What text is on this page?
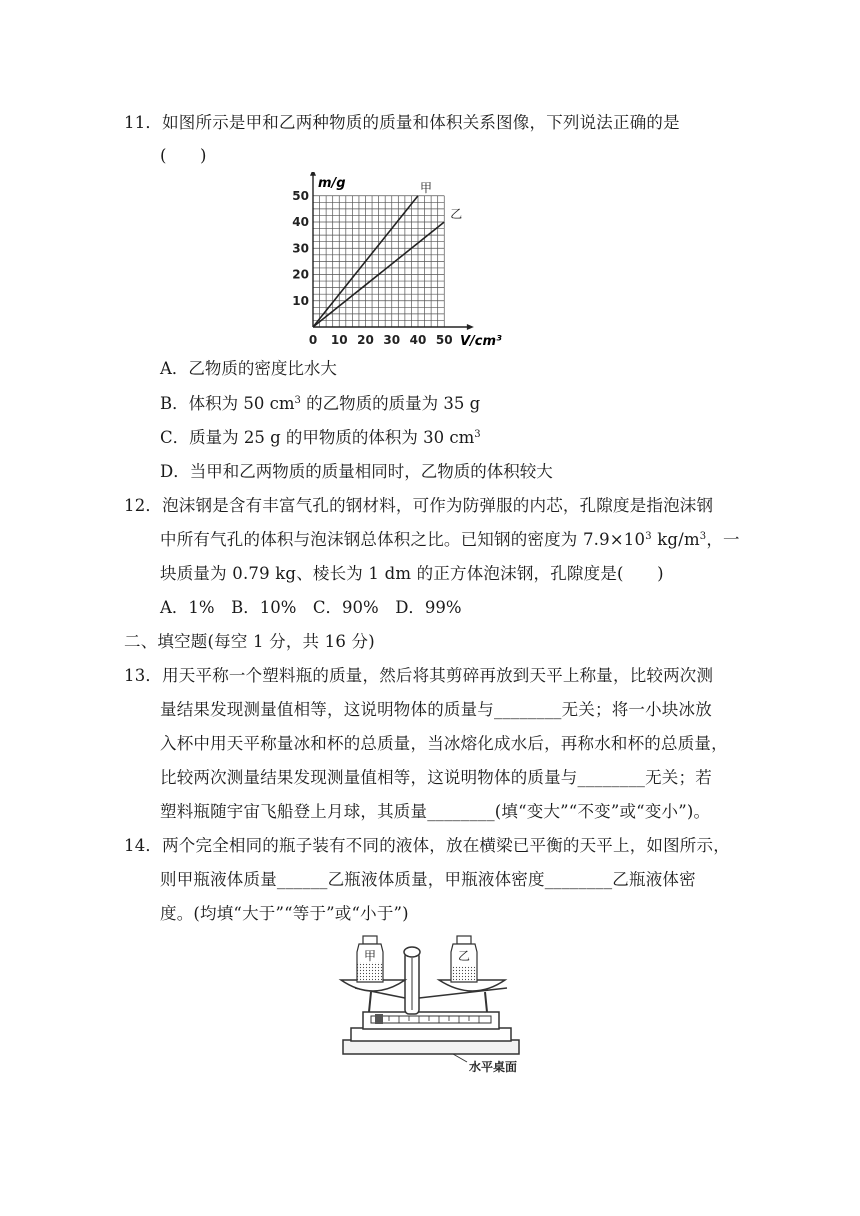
11．如图所示是甲和乙两种物质的质量和体积关系图像，下列说法正确的是
(　　)
0 10 20 30 40 50
10
20
30
40
50
甲
乙
m/g
V/cm³
A．乙物质的密度比水大
B．体积为 50 $cm^3$ 的乙物质的质量为 35 g
C．质量为 25 g 的甲物质的体积为 30 $cm^3$
D．当甲和乙两物质的质量相同时，乙物质的体积较大
12．泡沫钢是含有丰富气孔的钢材料，可作为防弹服的内芯，孔隙度是指泡沫钢
中所有气孔的体积与泡沫钢总体积之比。已知钢的密度为 $7.9\times 10^3$ $kg/m^3$，一
块质量为 0.79 kg、棱长为 1 dm 的正方体泡沫钢，孔隙度是(　　)
A．1%　B．10%　C．90%　D．99%
二、填空题(每空 1 分，共 16 分)
13．用天平称一个塑料瓶的质量，然后将其剪碎再放到天平上称量，比较两次测
量结果发现测量值相等，这说明物体的质量与________无关；将一小块冰放
入杯中用天平称量冰和杯的总质量，当冰熔化成水后，再称水和杯的总质量，
比较两次测量结果发现测量值相等，这说明物体的质量与________无关；若
塑料瓶随宇宙飞船登上月球，其质量________(填“变大”“不变”或“变小”)。
14．两个完全相同的瓶子装有不同的液体，放在横梁已平衡的天平上，如图所示，
则甲瓶液体质量______乙瓶液体质量，甲瓶液体密度________乙瓶液体密
度。(均填“大于”“等于”或“小于”)
甲	乙
水平桌面
